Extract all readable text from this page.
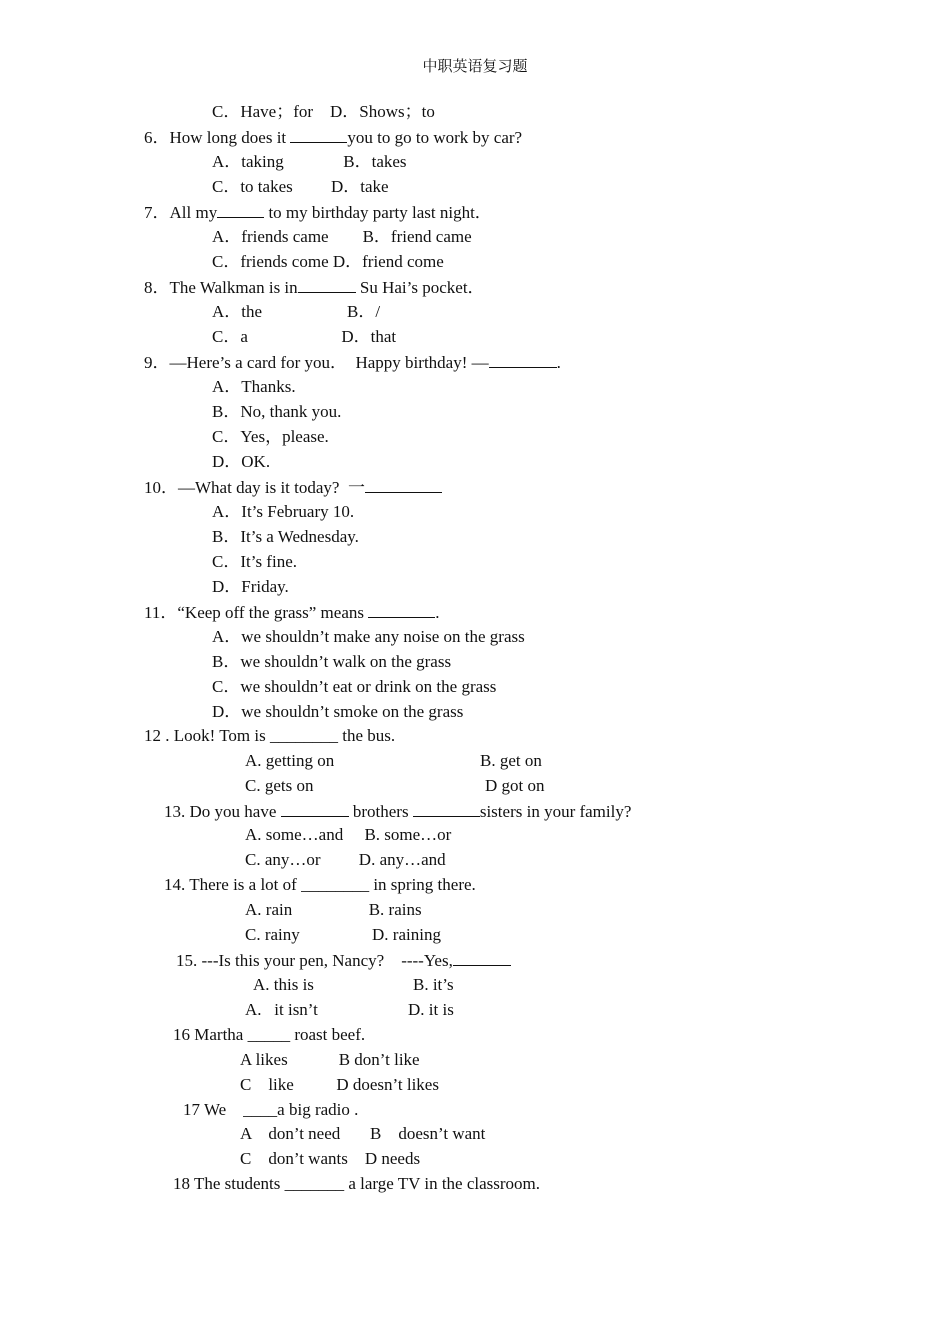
中职英语复习题
C．Have；for    D．Shows；to
6．How long does it	you to go to work by car?
A．taking              B．takes
C．to takes         D．take
7．All my	to my birthday party last night．
A．friends came        B．friend came
C．friends come D．friend come
8．The Walkman is in	Su Hai’s pocket．
A．the                    B．/
C．a                      D．that
9．—Here’s a card for you．  Happy birthday! —	.
A．Thanks.
B．No, thank you.
C．Yes，please.
D．OK.
10．—What day is it today?  一
A．It’s February 10.
B．It’s a Wednesday.
C．It’s fine.
D．Friday.
11．“Keep off the grass” means	.
A．we shouldn’t make any noise on the grass
B．we shouldn’t walk on the grass
C．we shouldn’t eat or drink on the grass
D．we shouldn’t smoke on the grass
12 . Look! Tom is ________ the bus.
A. getting on	B. get on
C. gets on	D got on
13. Do you have	brothers	sisters in your family?
A. some…and     B. some…or
C. any…or         D. any…and
14. There is a lot of ________ in spring there.
A. rain                  B. rains
C. rainy                 D. raining
15. ---Is this your pen, Nancy?    ----Yes,
A. this is	B. it’s
A.   it isn’t	D. it is
16 Martha _____ roast beef.
A likes            B don’t like
C    like          D doesn’t likes
17 We    ____a big radio .
A    don’t need       B    doesn’t want
C    don’t wants    D needs
18 The students _______ a large TV in the classroom.
